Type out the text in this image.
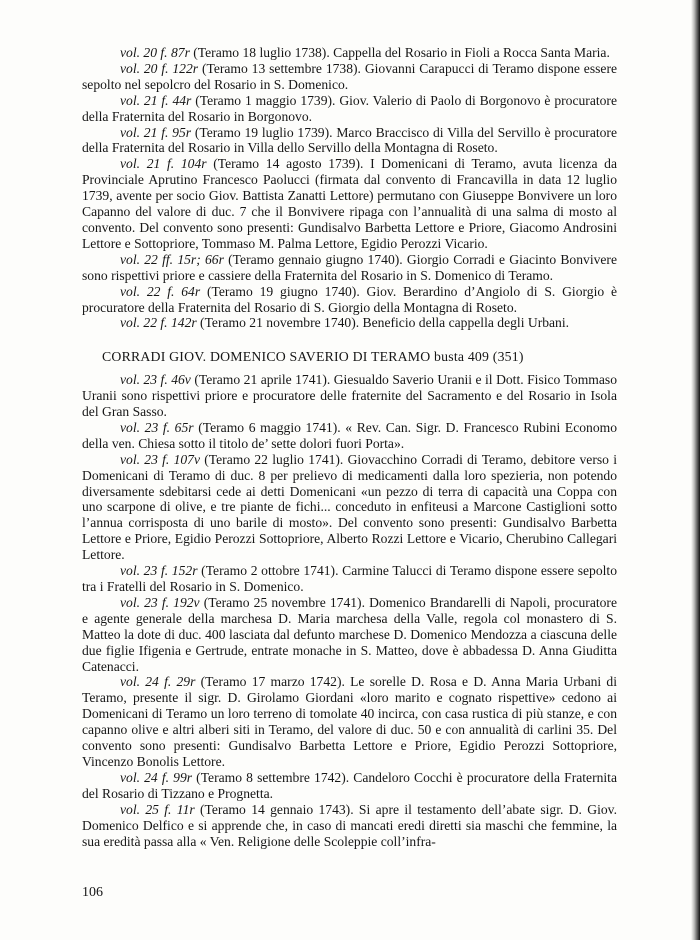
vol. 20 f. 87r (Teramo 18 luglio 1738). Cappella del Rosario in Fioli a Rocca Santa Maria.

vol. 20 f. 122r (Teramo 13 settembre 1738). Giovanni Carapucci di Teramo dispone essere sepolto nel sepolcro del Rosario in S. Domenico.

vol. 21 f. 44r (Teramo 1 maggio 1739). Giov. Valerio di Paolo di Borgonovo è procuratore della Fraternita del Rosario in Borgonovo.

vol. 21 f. 95r (Teramo 19 luglio 1739). Marco Braccisco di Villa del Servillo è procuratore della Fraternita del Rosario in Villa dello Servillo della Montagna di Roseto.

vol. 21 f. 104r (Teramo 14 agosto 1739). I Domenicani di Teramo, avuta licenza da Provinciale Aprutino Francesco Paolucci (firmata dal convento di Francavilla in data 12 luglio 1739, avente per socio Giov. Battista Zanatti Lettore) permutano con Giuseppe Bonvivere un loro Capanno del valore di duc. 7 che il Bonvivere ripaga con l’annualità di una salma di mosto al convento. Del convento sono presenti: Gundisalvo Barbetta Lettore e Priore, Giacomo Androsini Lettore e Sottopriore, Tommaso M. Palma Lettore, Egidio Perozzi Vicario.

vol. 22 ff. 15r; 66r (Teramo gennaio giugno 1740). Giorgio Corradi e Giacinto Bonvivere sono rispettivi priore e cassiere della Fraternita del Rosario in S. Domenico di Teramo.

vol. 22 f. 64r (Teramo 19 giugno 1740). Giov. Berardino d’Angiolo di S. Giorgio è procuratore della Fraternita del Rosario di S. Giorgio della Montagna di Roseto.

vol. 22 f. 142r (Teramo 21 novembre 1740). Beneficio della cappella degli Urbani.

CORRADI GIOV. DOMENICO SAVERIO DI TERAMO busta 409 (351)

vol. 23 f. 46v (Teramo 21 aprile 1741). Giesualdo Saverio Uranii e il Dott. Fisico Tommaso Uranii sono rispettivi priore e procuratore delle fraternite del Sacramento e del Rosario in Isola del Gran Sasso.

vol. 23 f. 65r (Teramo 6 maggio 1741). « Rev. Can. Sigr. D. Francesco Rubini Economo della ven. Chiesa sotto il titolo de’ sette dolori fuori Porta».

vol. 23 f. 107v (Teramo 22 luglio 1741). Giovacchino Corradi di Teramo, debitore verso i Domenicani di Teramo di duc. 8 per prelievo di medicamenti dalla loro spezieria, non potendo diversamente sdebitarsi cede ai detti Domenicani «un pezzo di terra di capacità una Coppa con uno scarpone di olive, e tre piante de fichi... conceduto in enfiteusi a Marcone Castiglioni sotto l’annua corrisposta di uno barile di mosto». Del convento sono presenti: Gundisalvo Barbetta Lettore e Priore, Egidio Perozzi Sottopriore, Alberto Rozzi Lettore e Vicario, Cherubino Callegari Lettore.

vol. 23 f. 152r (Teramo 2 ottobre 1741). Carmine Talucci di Teramo dispone essere sepolto tra i Fratelli del Rosario in S. Domenico.

vol. 23 f. 192v (Teramo 25 novembre 1741). Domenico Brandarelli di Napoli, procuratore e agente generale della marchesa D. Maria marchesa della Valle, regola col monastero di S. Matteo la dote di duc. 400 lasciata dal defunto marchese D. Domenico Mendozza a ciascuna delle due figlie Ifigenia e Gertrude, entrate monache in S. Matteo, dove è abbadessa D. Anna Giuditta Catenacci.

vol. 24 f. 29r (Teramo 17 marzo 1742). Le sorelle D. Rosa e D. Anna Maria Urbani di Teramo, presente il sigr. D. Girolamo Giordani «loro marito e cognato rispettive» cedono ai Domenicani di Teramo un loro terreno di tomolate 40 incirca, con casa rustica di più stanze, e con capanno olive e altri alberi siti in Teramo, del valore di duc. 50 e con annualità di carlini 35. Del convento sono presenti: Gundisalvo Barbetta Lettore e Priore, Egidio Perozzi Sottopriore, Vincenzo Bonolis Lettore.

vol. 24 f. 99r (Teramo 8 settembre 1742). Candeloro Cocchi è procuratore della Fraternita del Rosario di Tizzano e Prognetta.

vol. 25 f. 11r (Teramo 14 gennaio 1743). Si apre il testamento dell’abate sigr. D. Giov. Domenico Delfico e si apprende che, in caso di mancati eredi diretti sia maschi che femmine, la sua eredità passa alla « Ven. Religione delle Scoleppie coll’infra-

106
